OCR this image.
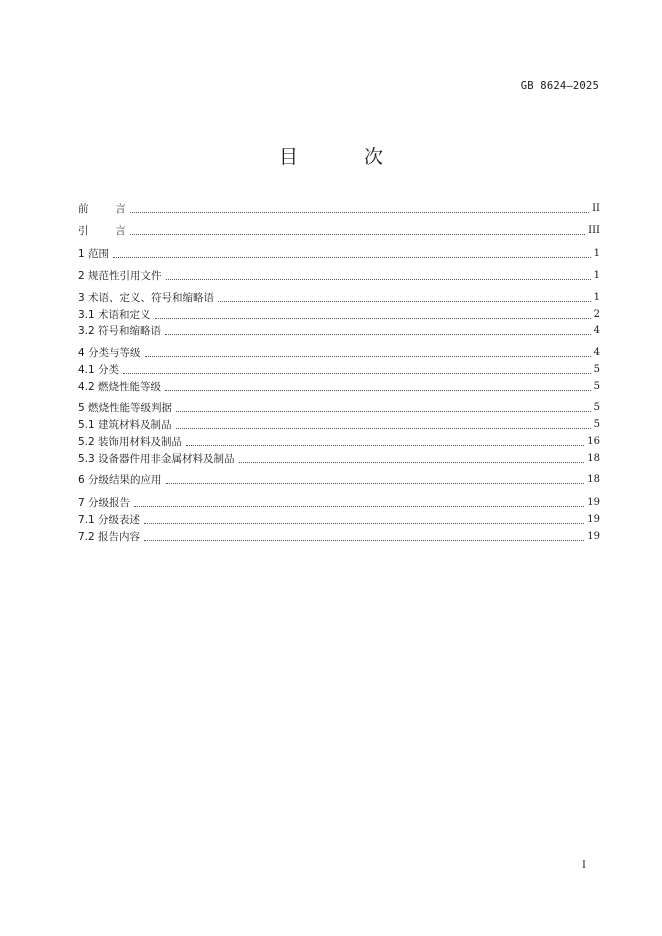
GB 8624—2025
目 次
前        言	II
引        言	III
1 范围	1
2 规范性引用文件	1
3 术语、定义、符号和缩略语	1
3.1 术语和定义	2
3.2 符号和缩略语	4
4 分类与等级	4
4.1 分类	5
4.2 燃烧性能等级	5
5 燃烧性能等级判据	5
5.1 建筑材料及制品	5
5.2 装饰用材料及制品	16
5.3 设备器件用非金属材料及制品	18
6 分级结果的应用	18
7 分级报告	19
7.1 分级表述	19
7.2 报告内容	19
I
